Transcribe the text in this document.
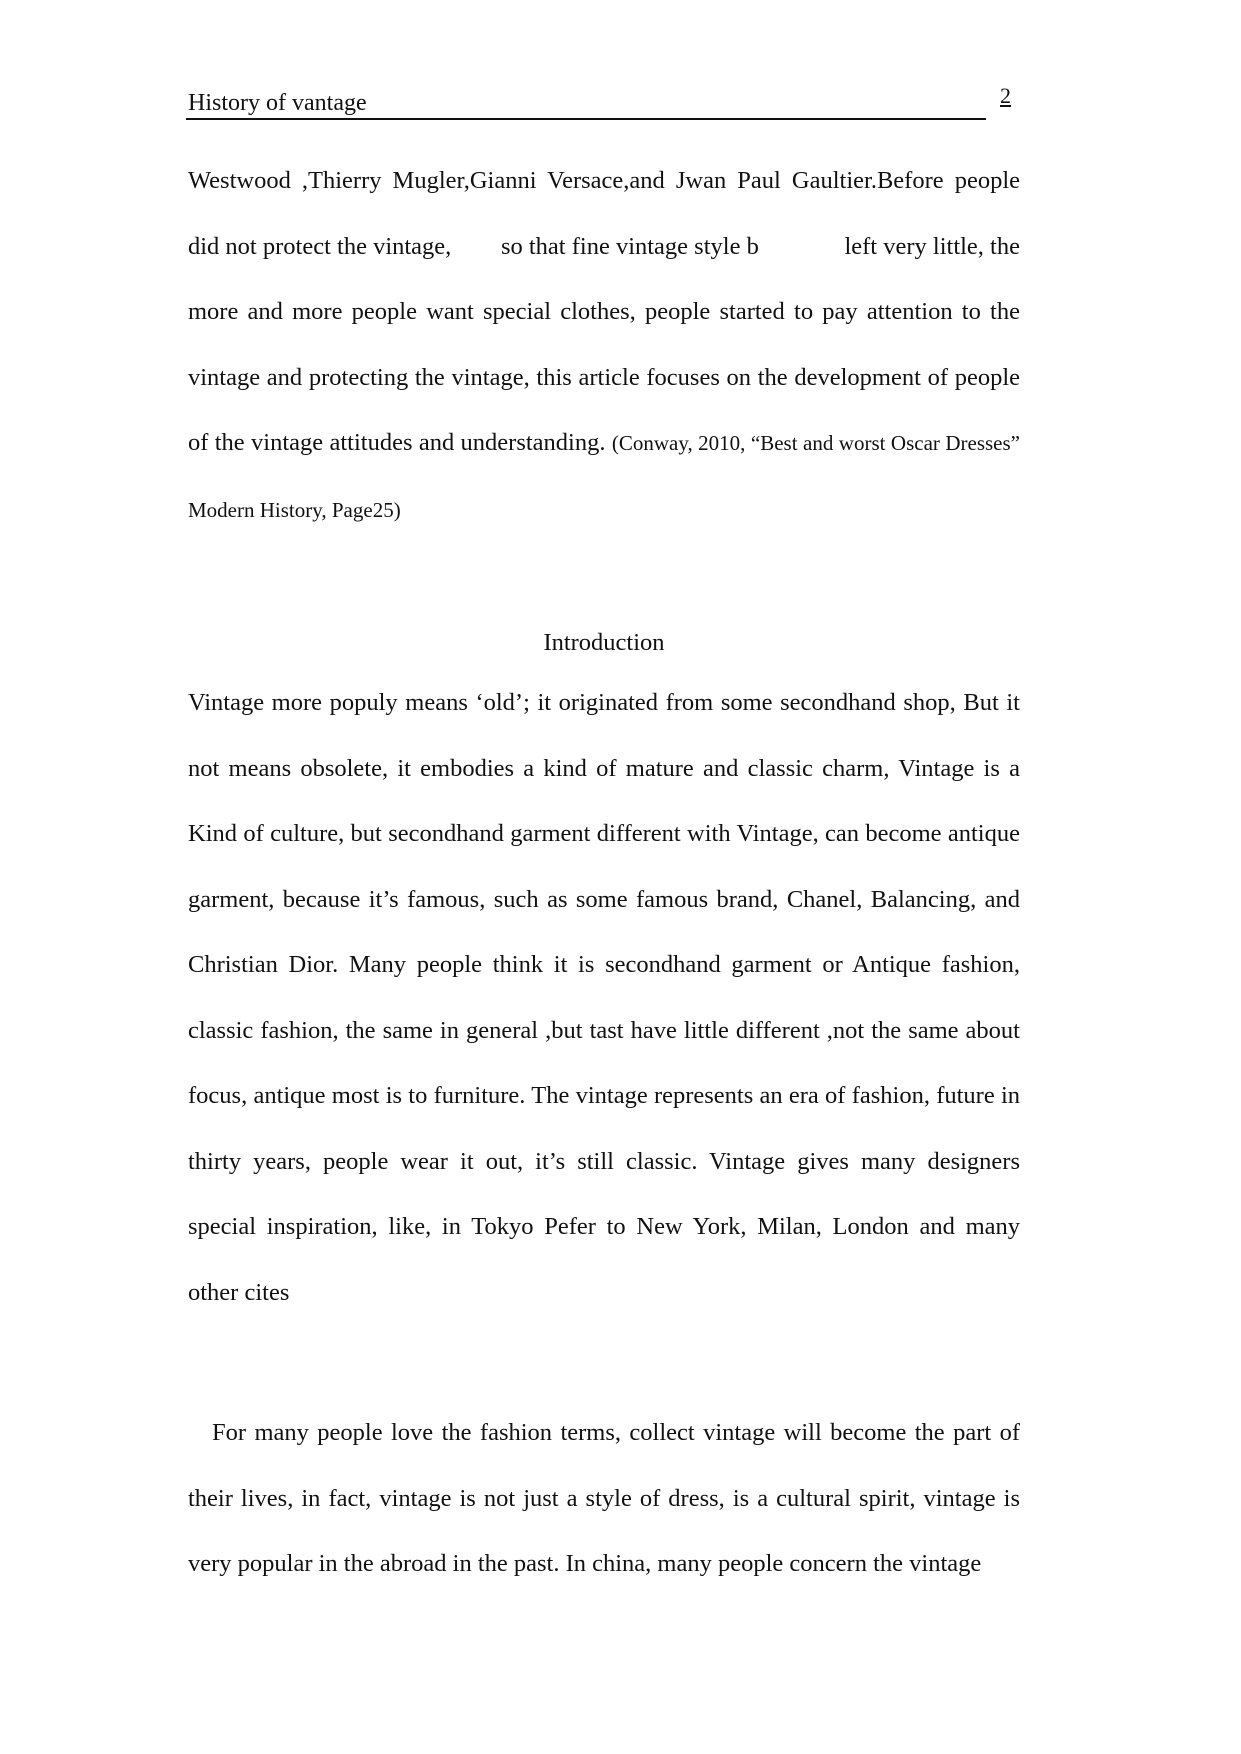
History of vantage	2
Westwood ,Thierry Mugler,Gianni Versace,and Jwan Paul Gaultier.Before people
did not protect the vintage, so that fine vintage style b	left very little, the
more and more people want special clothes, people started to pay attention to the vintage and protecting the vintage, this article focuses on the development of people of the vintage attitudes and understanding. (Conway, 2010, “Best and worst Oscar Dresses” Modern History, Page25)
Introduction

Vintage more populy means ‘old’; it originated from some secondhand shop, But it not means obsolete, it embodies a kind of mature and classic charm, Vintage is a Kind of culture, but secondhand garment different with Vintage, can become antique garment, because it’s famous, such as some famous brand, Chanel, Balancing, and Christian Dior. Many people think it is secondhand garment or Antique fashion, classic fashion, the same in general ,but tast have little different ,not the same about focus, antique most is to furniture. The vintage represents an era of fashion, future in thirty years, people wear it out, it’s still classic. Vintage gives many designers special inspiration, like, in Tokyo Pefer to New York, Milan, London and many other cites

For many people love the fashion terms, collect vintage will become the part of their lives, in fact, vintage is not just a style of dress, is a cultural spirit, vintage is very popular in the abroad in the past. In china, many people concern the vintage
